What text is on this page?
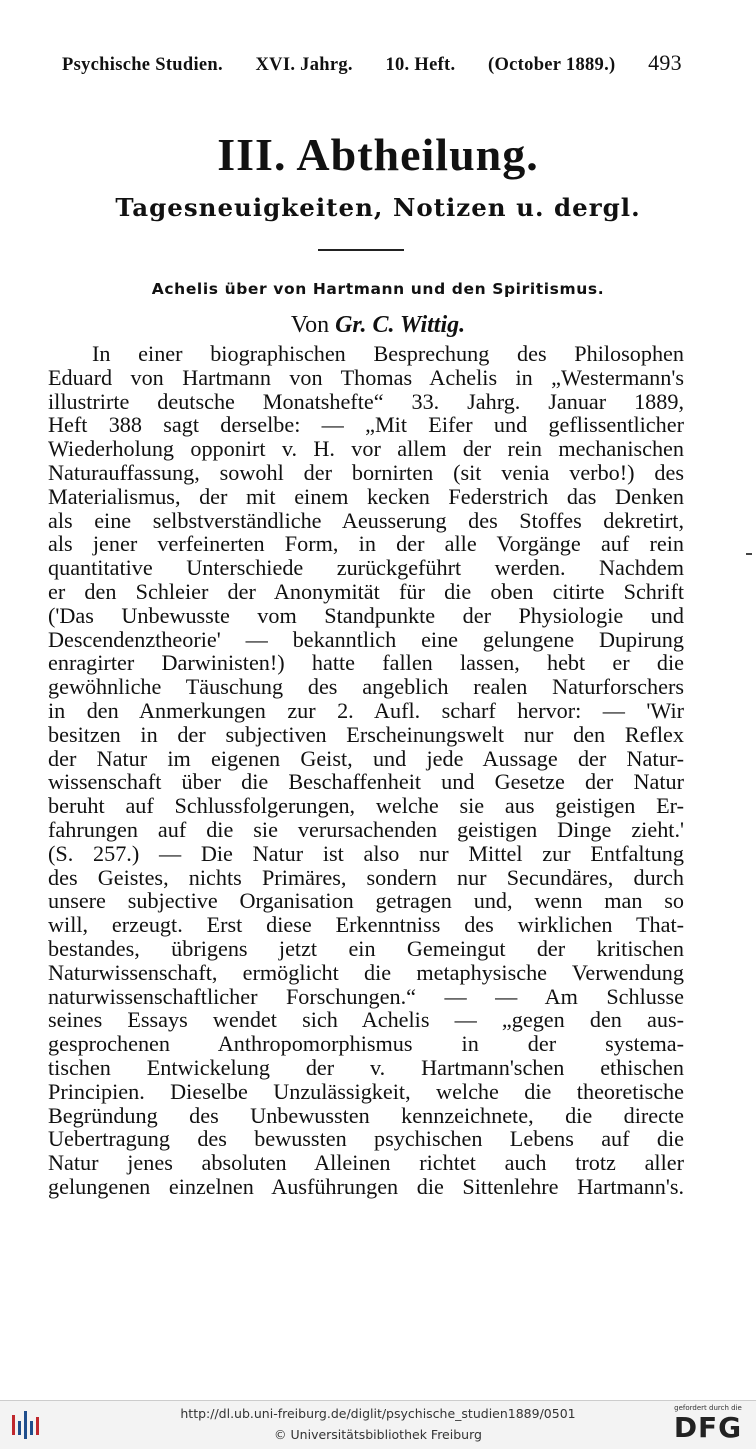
Psychische Studien. XVI. Jahrg. 10. Heft. (October 1889.) 493
III. Abtheilung.
Tagesneuigkeiten, Notizen u. dergl.
Achelis über von Hartmann und den Spiritismus.
Von Gr. C. Wittig.
In einer biographischen Besprechung des Philosophen
Eduard von Hartmann von Thomas Achelis in „Westermann's
illustrirte deutsche Monatshefte“ 33. Jahrg. Januar 1889,
Heft 388 sagt derselbe: — „Mit Eifer und geflissentlicher
Wiederholung opponirt v. H. vor allem der rein mechanischen
Naturauffassung, sowohl der bornirten (sit venia verbo!) des
Materialismus, der mit einem kecken Federstrich das Denken
als eine selbstverständliche Aeusserung des Stoffes dekretirt,
als jener verfeinerten Form, in der alle Vorgänge auf rein
quantitative Unterschiede zurückgeführt werden. Nachdem
er den Schleier der Anonymität für die oben citirte Schrift
('Das Unbewusste vom Standpunkte der Physiologie und
Descendenztheorie' — bekanntlich eine gelungene Dupirung
enragirter Darwinisten!) hatte fallen lassen, hebt er die
gewöhnliche Täuschung des angeblich realen Naturforschers
in den Anmerkungen zur 2. Aufl. scharf hervor: — 'Wir
besitzen in der subjectiven Erscheinungswelt nur den Reflex
der Natur im eigenen Geist, und jede Aussage der Natur-
wissenschaft über die Beschaffenheit und Gesetze der Natur
beruht auf Schlussfolgerungen, welche sie aus geistigen Er-
fahrungen auf die sie verursachenden geistigen Dinge zieht.'
(S. 257.) — Die Natur ist also nur Mittel zur Entfaltung
des Geistes, nichts Primäres, sondern nur Secundäres, durch
unsere subjective Organisation getragen und, wenn man so
will, erzeugt. Erst diese Erkenntniss des wirklichen That-
bestandes, übrigens jetzt ein Gemeingut der kritischen
Naturwissenschaft, ermöglicht die metaphysische Verwendung
naturwissenschaftlicher Forschungen.“ — — Am Schlusse
seines Essays wendet sich Achelis — „gegen den aus-
gesprochenen Anthropomorphismus in der systema-
tischen Entwickelung der v. Hartmann'schen ethischen
Principien. Dieselbe Unzulässigkeit, welche die theoretische
Begründung des Unbewussten kennzeichnete, die directe
Uebertragung des bewussten psychischen Lebens auf die
Natur jenes absoluten Alleinen richtet auch trotz aller
gelungenen einzelnen Ausführungen die Sittenlehre Hartmann's.
http://dl.ub.uni-freiburg.de/diglit/psychische_studien1889/0501
© Universitätsbibliothek Freiburg
gefordert durch die
DFG
